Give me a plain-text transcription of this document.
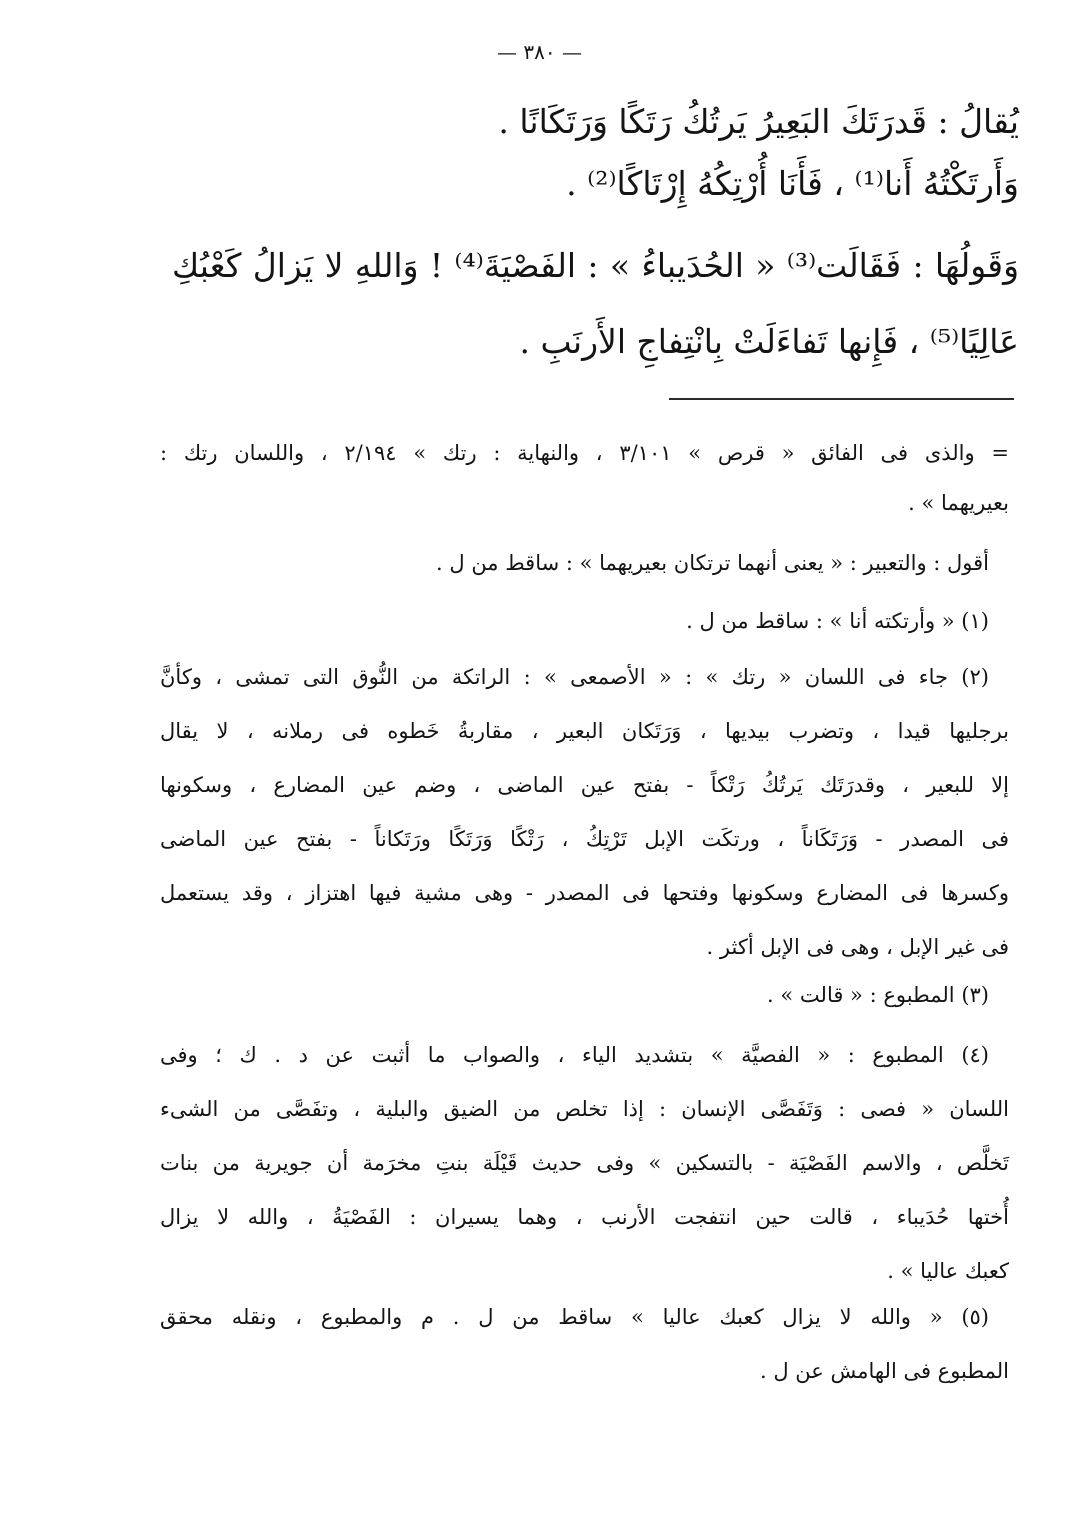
— ٣٨٠ —
يُقالُ : قَدرَتَكَ البَعِيرُ يَرتُكُ رَتَكًا وَرَتَكَانًا .
وَأَرتَكْتُهُ أَنا⁽¹⁾ ، فَأَنَا أُرْتِكُهُ إِرْتَاكًا⁽²⁾ .
وَقَولُهَا : فَقَالَت⁽³⁾ « الحُدَيباءُ » : الفَصْيَةَ⁽⁴⁾ ! وَاللهِ لا يَزالُ كَعْبُكِ
عَالِيًا⁽⁵⁾ ، فَإِنها تَفاءَلَتْ بِانْتِفاجِ الأَرنَبِ .
= والذى فى الفائق « قرص » ٣/١٠١ ، والنهاية : رتك » ٢/١٩٤ ، واللسان رتك :
بعيريهما » .
أقول : والتعبير : « يعنى أنهما ترتكان بعيريهما » : ساقط من ل .
(١) « وأرتكته أنا » : ساقط من ل .
(٢) جاء فى اللسان « رتك » : « الأصمعى » : الراتكة من النُّوق التى تمشى ، وكأنَّ
برجليها قيدا ، وتضرب بيديها ، وَرَتَكان البعير ، مقاربةُ خَطوه فى رملانه ، لا يقال
إلا للبعير ، وقدرَتَك يَرتُكُ رَتْكاً - بفتح عين الماضى ، وضم عين المضارع ، وسكونها
فى المصدر - وَرَتَكَاناً ، ورتكَت الإبل تَرْتِكُ ، رَتْكًا وَرَتَكًا ورَتَكاناً - بفتح عين الماضى
وكسرها فى المضارع وسكونها وفتحها فى المصدر - وهى مشية فيها اهتزاز ، وقد يستعمل
فى غير الإبل ، وهى فى الإبل أكثر .
(٣) المطبوع : « قالت » .
(٤) المطبوع : « الفصيَّة » بتشديد الياء ، والصواب ما أثبت عن د . ك ؛ وفى
اللسان « فصى : وَتَفَصَّى الإنسان : إذا تخلص من الضيق والبلية ، وتفَصَّى من الشىء
تَخلَّص ، والاسم الفَصْيَة - بالتسكين » وفى حديث قَيْلَة بنتِ مخرَمة أن جويرية من بنات
أُختها حُدَيباء ، قالت حين انتفجت الأرنب ، وهما يسيران : الفَصْيَةُ ، والله لا يزال
كعبك عاليا » .
(٥) « والله لا يزال كعبك عاليا » ساقط من ل . م والمطبوع ، ونقله محقق
المطبوع فى الهامش عن ل .
